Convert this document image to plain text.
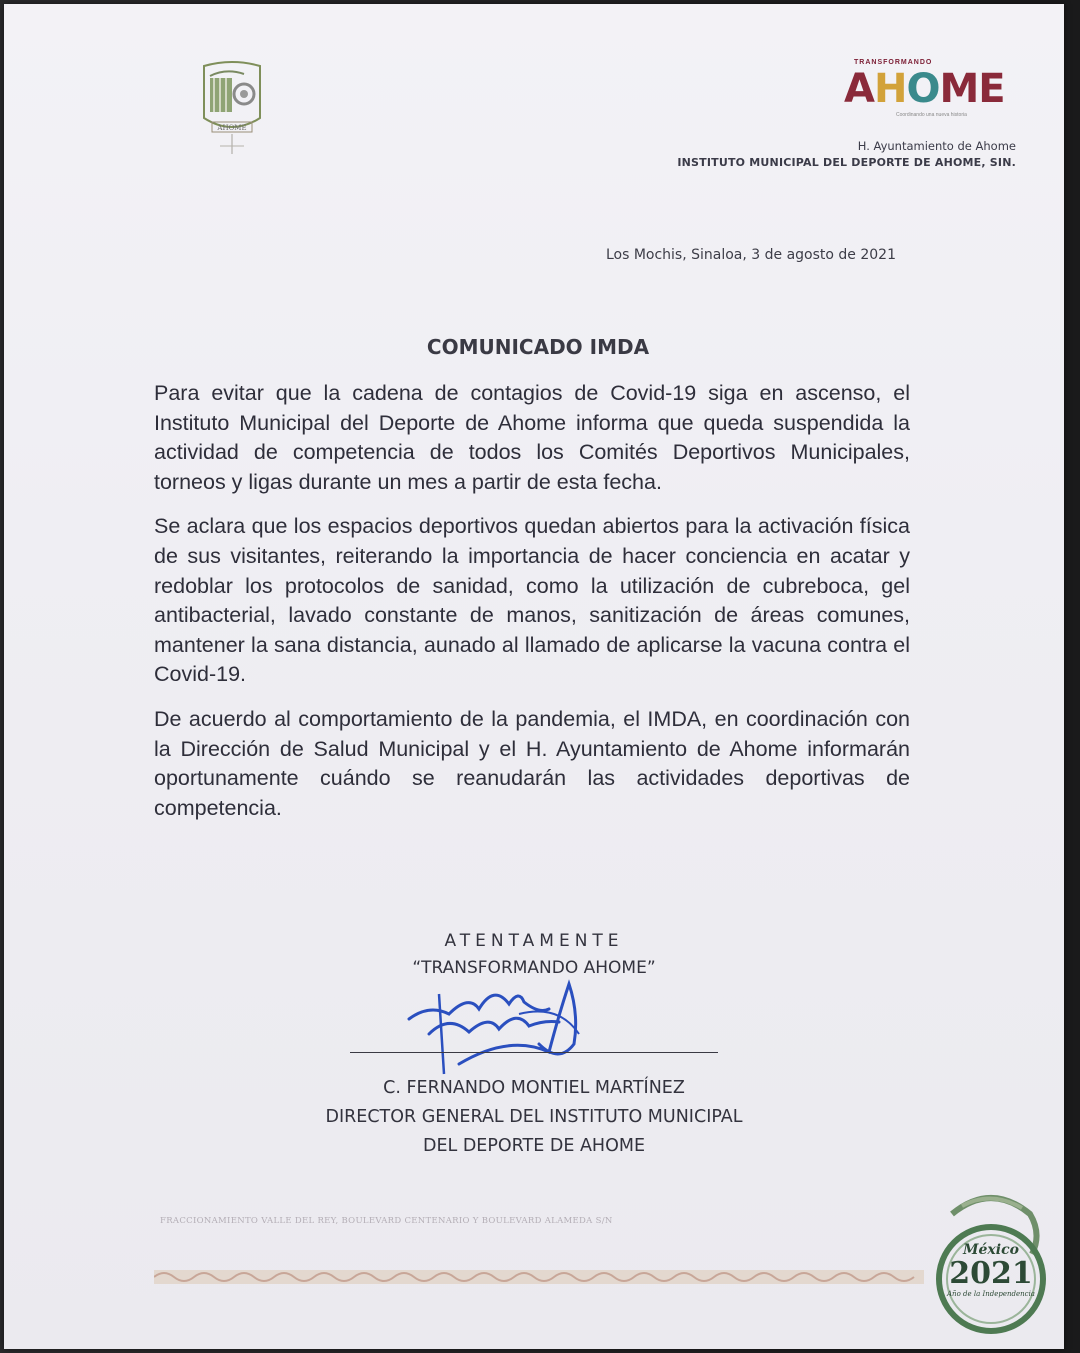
AHOME
TRANSFORMANDO
AHOME
Coordinando una nueva historia
H. Ayuntamiento de Ahome
INSTITUTO MUNICIPAL DEL DEPORTE DE AHOME, SIN.
Los Mochis, Sinaloa, 3 de agosto de 2021
COMUNICADO IMDA

Para evitar que la cadena de contagios de Covid-19 siga en ascenso, el Instituto Municipal del Deporte de Ahome informa que queda suspendida la actividad de competencia de todos los Comités Deportivos Municipales, torneos y ligas durante un mes a partir de esta fecha.

Se aclara que los espacios deportivos quedan abiertos para la activación física de sus visitantes, reiterando la importancia de hacer conciencia en acatar y redoblar los protocolos de sanidad, como la utilización de cubreboca, gel antibacterial, lavado constante de manos, sanitización de áreas comunes, mantener la sana distancia, aunado al llamado de aplicarse la vacuna contra el Covid-19.

De acuerdo al comportamiento de la pandemia, el IMDA, en coordinación con la Dirección de Salud Municipal y el H. Ayuntamiento de Ahome informarán oportunamente cuándo se reanudarán las actividades deportivas de competencia.

ATENTAMENTE
“TRANSFORMANDO AHOME”
C. FERNANDO MONTIEL MARTÍNEZ
DIRECTOR GENERAL DEL INSTITUTO MUNICIPAL
DEL DEPORTE DE AHOME
FRACCIONAMIENTO VALLE DEL REY, BOULEVARD CENTENARIO Y BOULEVARD ALAMEDA S/N
México
2021
Año de la Independencia
